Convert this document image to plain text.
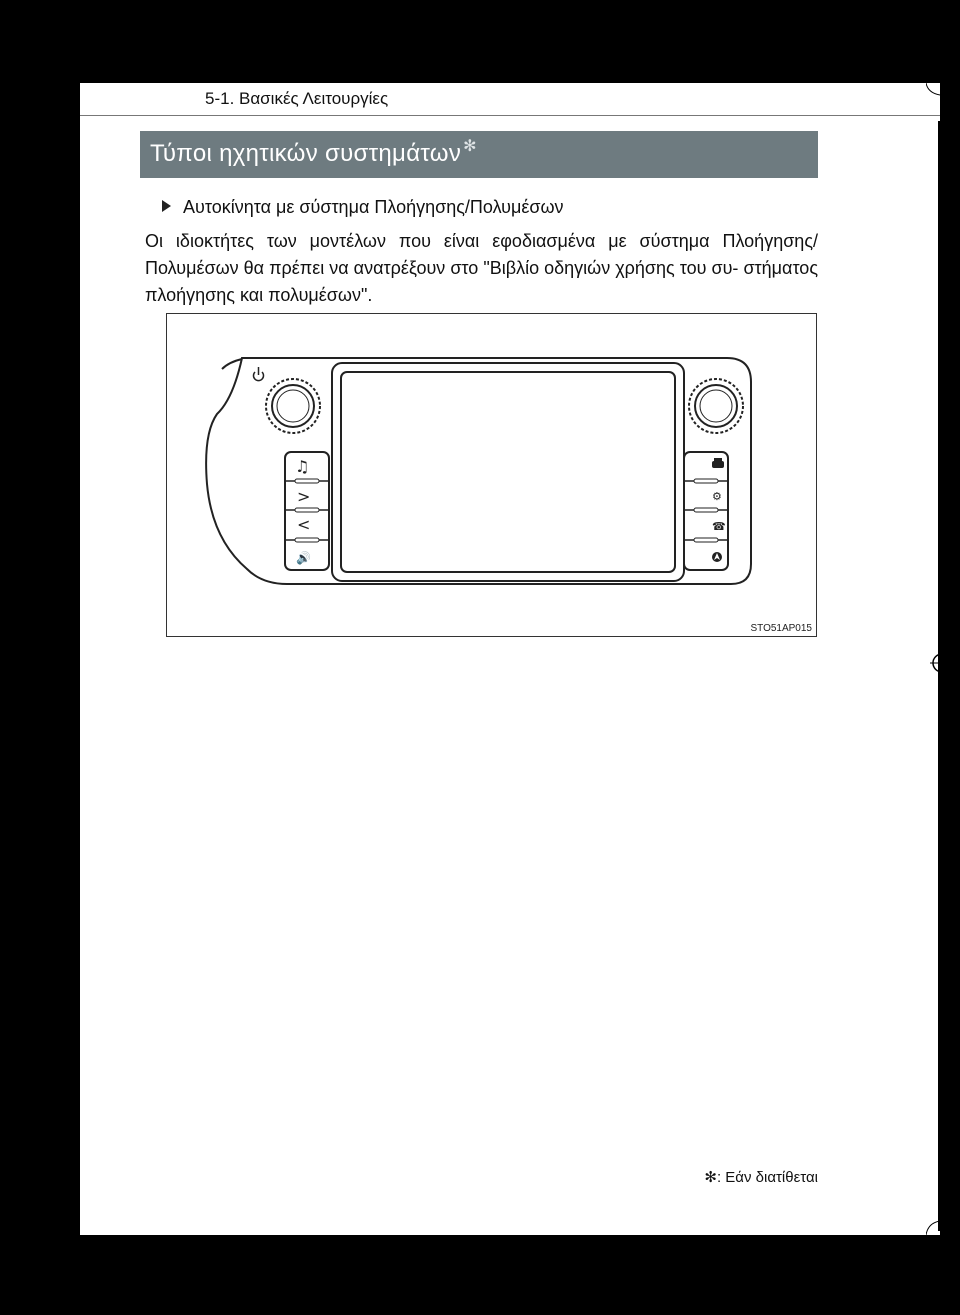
5-1. Βασικές Λειτουργίες
Τύποι ηχητικών συστημάτων ✻
Αυτοκίνητα με σύστημα Πλοήγησης/Πολυμέσων
Οι ιδιοκτήτες των μοντέλων που είναι εφοδιασμένα με σύστημα Πλοήγησης/ Πολυμέσων θα πρέπει να ανατρέξουν στο "Βιβλίο οδηγιών χρήσης του συ- στήματος πλοήγησης και πολυμέσων".
♫
>
<
🔊
⚙
☎
STO51AP015
✻: Εάν διατίθεται
